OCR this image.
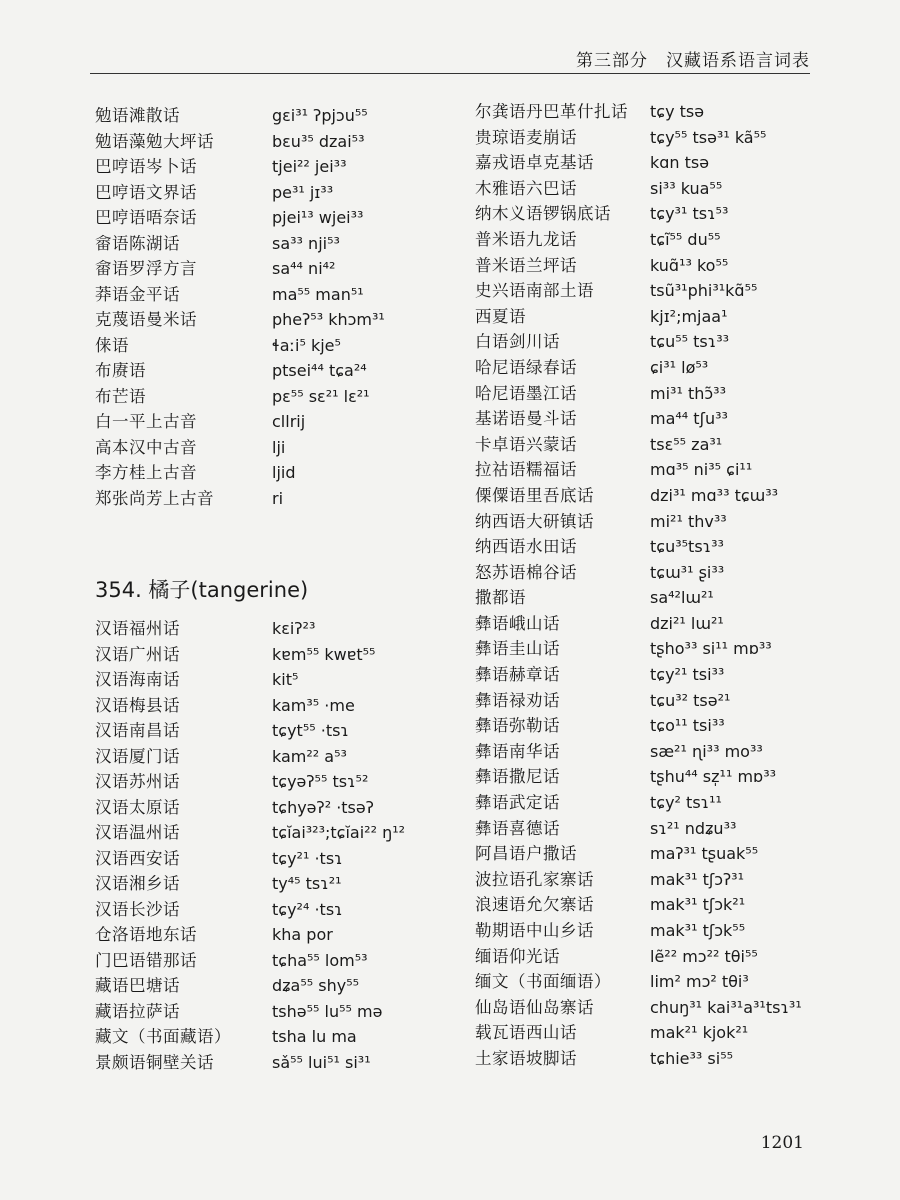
第三部分　汉藏语系语言词表
勉语滩散话	gɛi³¹ ʔpjɔu⁵⁵
勉语藻勉大坪话	bɛu³⁵ dzai⁵³
巴哼语岑卜话	tjei²² jei³³
巴哼语文界话	pe³¹ jɪ³³
巴哼语唔奈话	pjei¹³ wjei³³
畲语陈湖话	sa³³ nji⁵³
畲语罗浮方言	sa⁴⁴ ni⁴²
莽语金平话	ma⁵⁵ man⁵¹
克蔑语曼米话	pheʔ⁵³ khɔm³¹
俫语	ɬaːi⁵ kje⁵
布赓语	ptsei⁴⁴ tɕa²⁴
布芒语	pɛ⁵⁵ sɛ²¹ lɛ²¹
白一平上古音	cllrij
高本汉中古音	lji
李方桂上古音	ljid
郑张尚芳上古音	ri
354. 橘子(tangerine)
汉语福州话	kɛiʔ²³
汉语广州话	kɐm⁵⁵ kwɐt⁵⁵
汉语海南话	kit⁵
汉语梅县话	kam³⁵ ·me
汉语南昌话	tɕyt⁵⁵ ·tsɿ
汉语厦门话	kam²² a⁵³
汉语苏州话	tɕyəʔ⁵⁵ tsɿ⁵²
汉语太原话	tɕhyəʔ² ·tsəʔ
汉语温州话	tɕĭai³²³;tɕĭai²² ŋ¹²
汉语西安话	tɕy²¹ ·tsɿ
汉语湘乡话	ty⁴⁵ tsɿ²¹
汉语长沙话	tɕy²⁴ ·tsɿ
仓洛语地东话	kha por
门巴语错那话	tɕha⁵⁵ lom⁵³
藏语巴塘话	dʑa⁵⁵ shy⁵⁵
藏语拉萨话	tshə⁵⁵ lu⁵⁵ mə
藏文（书面藏语）	tsha lu ma
景颇语铜壁关话	sǎ⁵⁵ lui⁵¹ si³¹
尔龚语丹巴革什扎话 tɕy tsə
贵琼语麦崩话	tɕy⁵⁵ tsə³¹ kã⁵⁵
嘉戎语卓克基话	kɑn tsə
木雅语六巴话	si³³ kua⁵⁵
纳木义语锣锅底话 tɕy³¹ tsɿ⁵³
普米语九龙话	tɕĩ⁵⁵ du⁵⁵
普米语兰坪话	kuɑ̃¹³ ko⁵⁵
史兴语南部土语	tsũ³¹phi³¹kɑ̃⁵⁵
西夏语	kjɪ²;mjaa¹
白语剑川话	tɕu⁵⁵ tsɿ³³
哈尼语绿春话	ɕi³¹ lø⁵³
哈尼语墨江话	mi³¹ thɔ̃³³
基诺语曼斗话	ma⁴⁴ tʃu³³
卡卓语兴蒙话	tsɛ⁵⁵ za³¹
拉祜语糯福话	mɑ³⁵ ni³⁵ ɕi¹¹
傈僳语里吾底话	dzi³¹ mɑ³³ tɕɯ³³
纳西语大研镇话	mi²¹ thv³³
纳西语水田话	tɕu³⁵tsɿ³³
怒苏语棉谷话	tɕɯ³¹ ʂi³³
撒都语	sa⁴²lɯ²¹
彝语峨山话	dzi²¹ lɯ²¹
彝语圭山话	tʂho³³ si¹¹ mɒ³³
彝语赫章话	tɕy²¹ tsi³³
彝语禄劝话	tɕu³² tsə²¹
彝语弥勒话	tɕo¹¹ tsi³³
彝语南华话	sæ²¹ ɳi³³ mo³³
彝语撒尼话	tʂhu⁴⁴ sz̩¹¹ mɒ³³
彝语武定话	tɕy² tsɿ¹¹
彝语喜德话	sɿ²¹ ndʑu³³
阿昌语户撒话	maʔ³¹ tʂuak⁵⁵
波拉语孔家寨话	mak³¹ tʃɔʔ³¹
浪速语允欠寨话	mak³¹ tʃɔk²¹
勒期语中山乡话	mak³¹ tʃɔk⁵⁵
缅语仰光话	lẽ²² mɔ²² tθi⁵⁵
缅文（书面缅语） lim² mɔ² tθi³
仙岛语仙岛寨话	chuŋ³¹ kai³¹a³¹tsɿ³¹
载瓦语西山话	mak²¹ kjok²¹
土家语坡脚话	tɕhie³³ si⁵⁵
1201
